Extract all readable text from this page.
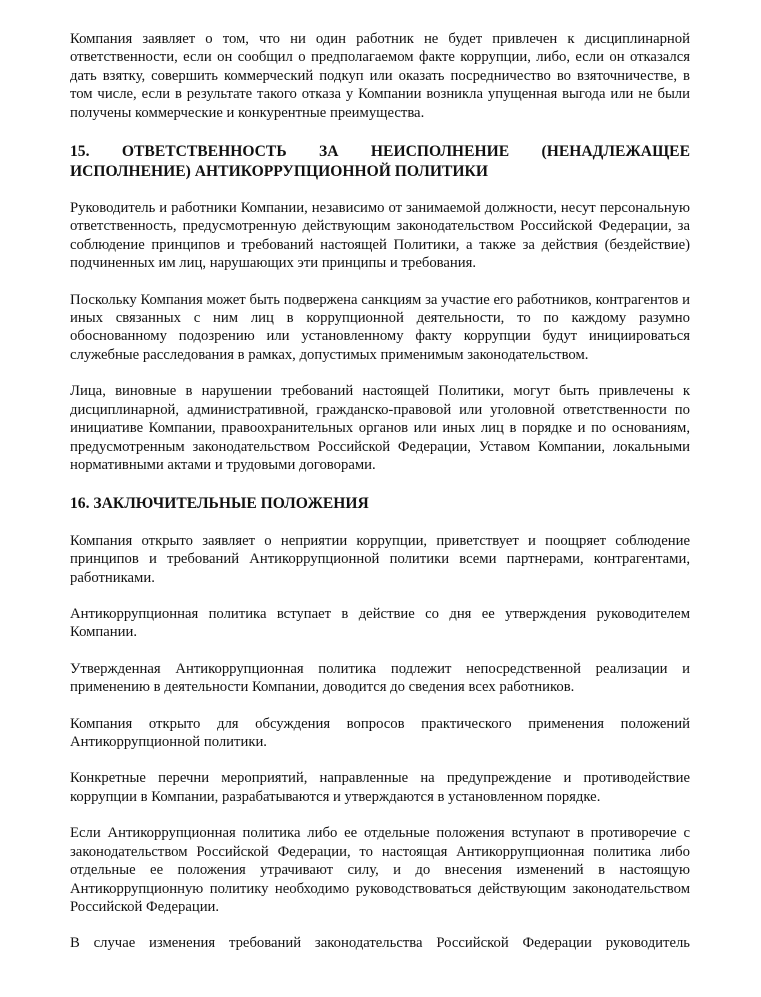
Компания заявляет о том, что ни один работник не будет привлечен к дисциплинарной ответственности, если он сообщил о предполагаемом факте коррупции, либо, если он отказался дать взятку, совершить коммерческий подкуп или оказать посредничество во взяточничестве, в том числе, если в результате такого отказа у Компании возникла упущенная выгода или не были получены коммерческие и конкурентные преимущества.

15. ОТВЕТСТВЕННОСТЬ ЗА НЕИСПОЛНЕНИЕ (НЕНАДЛЕЖАЩЕЕ ИСПОЛНЕНИЕ) АНТИКОРРУПЦИОННОЙ ПОЛИТИКИ

Руководитель и работники Компании, независимо от занимаемой должности, несут персональную ответственность, предусмотренную действующим законодательством Российской Федерации, за соблюдение принципов и требований настоящей Политики, а также за действия (бездействие) подчиненных им лиц, нарушающих эти принципы и требования.

Поскольку Компания может быть подвержена санкциям за участие его работников, контрагентов и иных связанных с ним лиц в коррупционной деятельности, то по каждому разумно обоснованному подозрению или установленному факту коррупции будут инициироваться служебные расследования в рамках, допустимых применимым законодательством.

Лица, виновные в нарушении требований настоящей Политики, могут быть привлечены к дисциплинарной, административной, гражданско-правовой или уголовной ответственности по инициативе Компании, правоохранительных органов или иных лиц в порядке и по основаниям, предусмотренным законодательством Российской Федерации, Уставом Компании, локальными нормативными актами и трудовыми договорами.

16. ЗАКЛЮЧИТЕЛЬНЫЕ ПОЛОЖЕНИЯ

Компания открыто заявляет о неприятии коррупции, приветствует и поощряет соблюдение принципов и требований Антикоррупционной политики всеми партнерами, контрагентами, работниками.

Антикоррупционная политика вступает в действие со дня ее утверждения руководителем Компании.

Утвержденная Антикоррупционная политика подлежит непосредственной реализации и применению в деятельности Компании, доводится до сведения всех работников.

Компания открыто для обсуждения вопросов практического применения положений Антикоррупционной политики.

Конкретные перечни мероприятий, направленные на предупреждение и противодействие коррупции в Компании, разрабатываются и утверждаются в установленном порядке.

Если Антикоррупционная политика либо ее отдельные положения вступают в противоречие с законодательством Российской Федерации, то настоящая Антикоррупционная политика либо отдельные ее положения утрачивают силу, и до внесения изменений в настоящую Антикоррупционную политику необходимо руководствоваться действующим законодательством Российской Федерации.

В случае изменения требований законодательства Российской Федерации руководитель
